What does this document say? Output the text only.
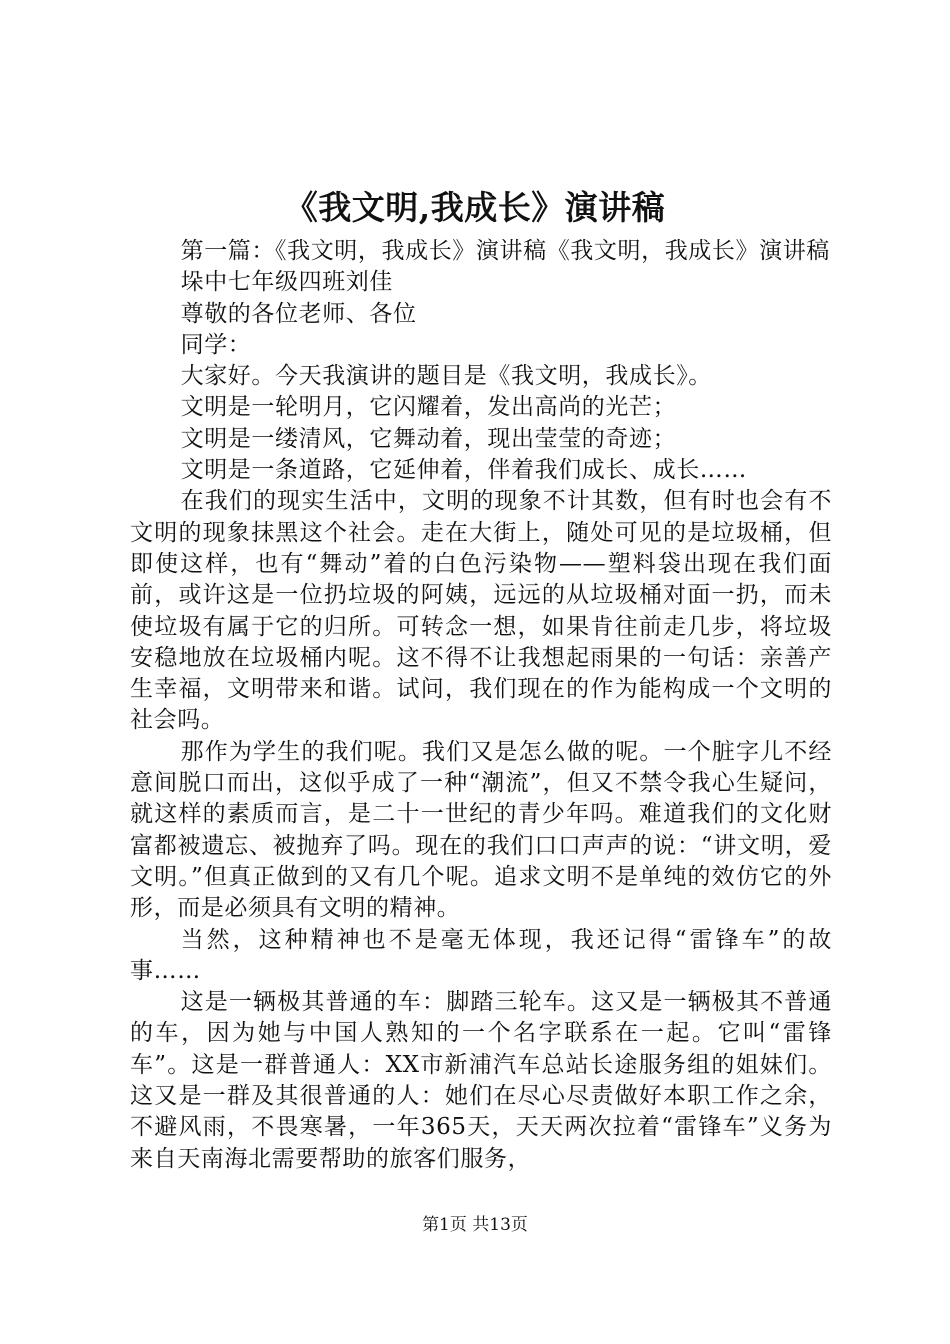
《我文明,我成长》演讲稿

第一篇：《我文明，我成长》演讲稿《我文明，我成长》演讲稿

垛中七年级四班刘佳

尊敬的各位老师、各位

同学：

大家好。今天我演讲的题目是《我文明，我成长》。

文明是一轮明月，它闪耀着，发出高尚的光芒；

文明是一缕清风，它舞动着，现出莹莹的奇迹；

文明是一条道路，它延伸着，伴着我们成长、成长……

在我们的现实生活中，文明的现象不计其数，但有时也会有不文明的现象抹黑这个社会。走在大街上，随处可见的是垃圾桶，但即使这样，也有“舞动”着的白色污染物——塑料袋出现在我们面前，或许这是一位扔垃圾的阿姨，远远的从垃圾桶对面一扔，而未使垃圾有属于它的归所。可转念一想，如果肯往前走几步，将垃圾安稳地放在垃圾桶内呢。这不得不让我想起雨果的一句话：亲善产生幸福，文明带来和谐。试问，我们现在的作为能构成一个文明的社会吗。

那作为学生的我们呢。我们又是怎么做的呢。一个脏字儿不经意间脱口而出，这似乎成了一种“潮流”，但又不禁令我心生疑问，就这样的素质而言，是二十一世纪的青少年吗。难道我们的文化财富都被遗忘、被抛弃了吗。现在的我们口口声声的说：“讲文明，爱文明。”但真正做到的又有几个呢。追求文明不是单纯的效仿它的外形，而是必须具有文明的精神。

当然，这种精神也不是毫无体现，我还记得“雷锋车”的故事……

这是一辆极其普通的车：脚踏三轮车。这又是一辆极其不普通的车，因为她与中国人熟知的一个名字联系在一起。它叫“雷锋车”。这是一群普通人：XX市新浦汽车总站长途服务组的姐妹们。这又是一群及其很普通的人：她们在尽心尽责做好本职工作之余，不避风雨，不畏寒暑，一年365天，天天两次拉着“雷锋车”义务为来自天南海北需要帮助的旅客们服务，

第1页 共13页
